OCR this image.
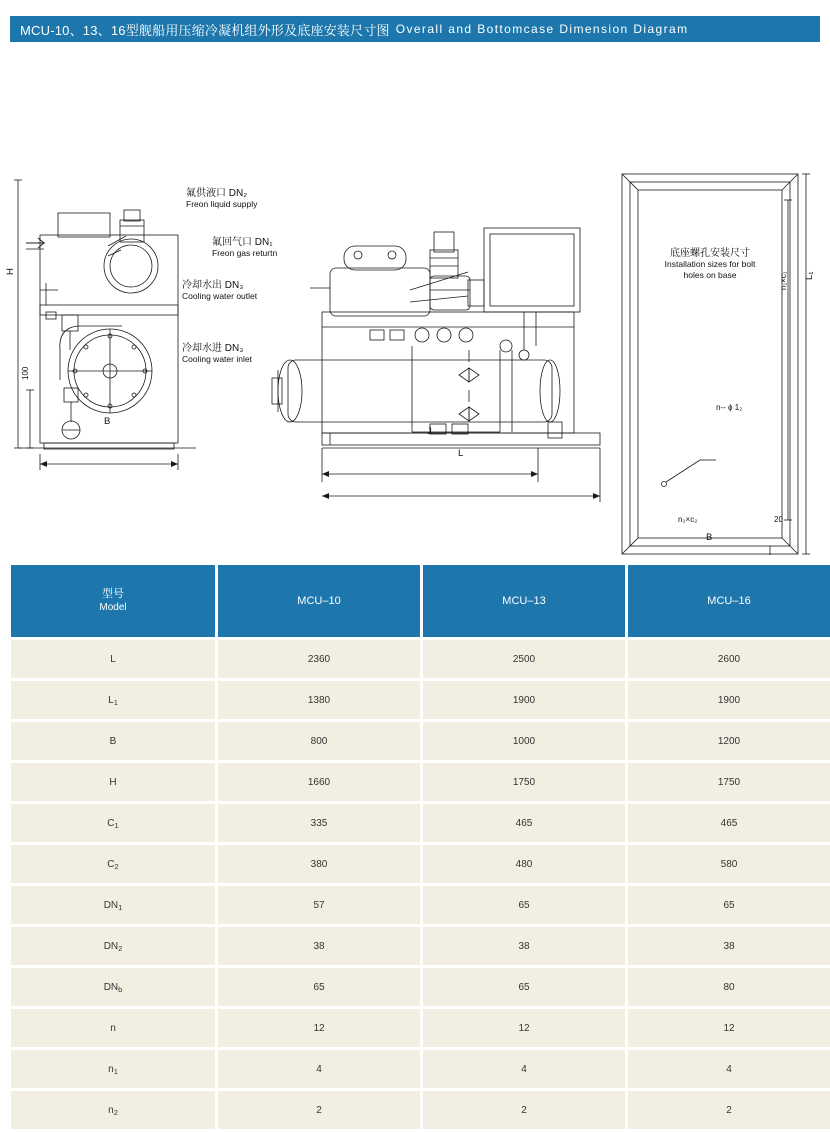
MCU-10、13、16型舰船用压缩冷凝机组外形及底座安装尺寸图 Overall and Bottomcase Dimension Diagram
氟供液口 DN₂
Freon liquid supply
氟回气口 DN₁
Freon gas returtn
冷却水出 DN₃
Cooling water outlet
冷却水进 DN₃
Cooling water inlet
底座螺孔安装尺寸
Installation sizes for bolt
holes on base
H
100
B
J
L
B
n₁×c₁ L₁
n₂×c₂	20
n-- ϕ 1₂
型号
Model	MCU–10	MCU–13	MCU–16

L	2360	2500	2600
$L_1$	1380	1900	1900
B	800	1000	1200
H	1660	1750	1750
$C_1$	335	465	465
$C_2$	380	480	580
$DN_1$	57	65	65
$DN_2$	38	38	38
$DN_b$	65	65	80
n	12	12	12
$n_1$	4	4	4
$n_2$	2	2	2
